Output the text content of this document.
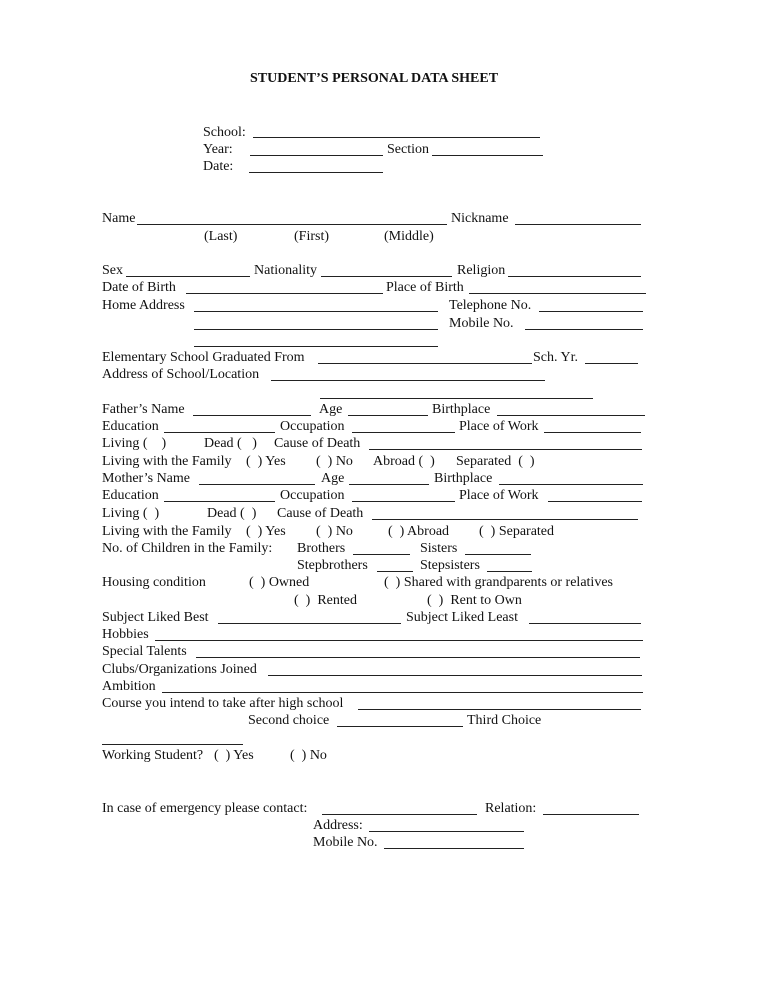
STUDENT’S PERSONAL DATA SHEET
School:
Year:	Section
Date:
Name	Nickname
(Last)	(First)	(Middle)
Sex	Nationality	Religion
Date of Birth	Place of Birth
Home Address	Telephone No.
Mobile No.
Elementary School Graduated From	Sch. Yr.
Address of School/Location
Father’s Name	Age	Birthplace
Education	Occupation	Place of Work
Living (    )	Dead (   ) Cause of Death
Living with the Family (  ) Yes (  ) No Abroad (  ) Separated  (  )
Mother’s Name	Age	Birthplace
Education	Occupation	Place of Work
Living (  )	Dead (  ) Cause of Death
Living with the Family (  ) Yes (  ) No	(  ) Abroad (  ) Separated
No. of Children in the Family: Brothers	Sisters
Stepbrothers	Stepsisters
Housing condition	(  ) Owned	(  ) Shared with grandparents or relatives
(  )  Rented	(  )  Rent to Own
Subject Liked Best	Subject Liked Least
Hobbies
Special Talents
Clubs/Organizations Joined
Ambition
Course you intend to take after high school
Second choice	Third Choice
Working Student? (  ) Yes	(  ) No
In case of emergency please contact:	Relation:
Address:
Mobile No.
